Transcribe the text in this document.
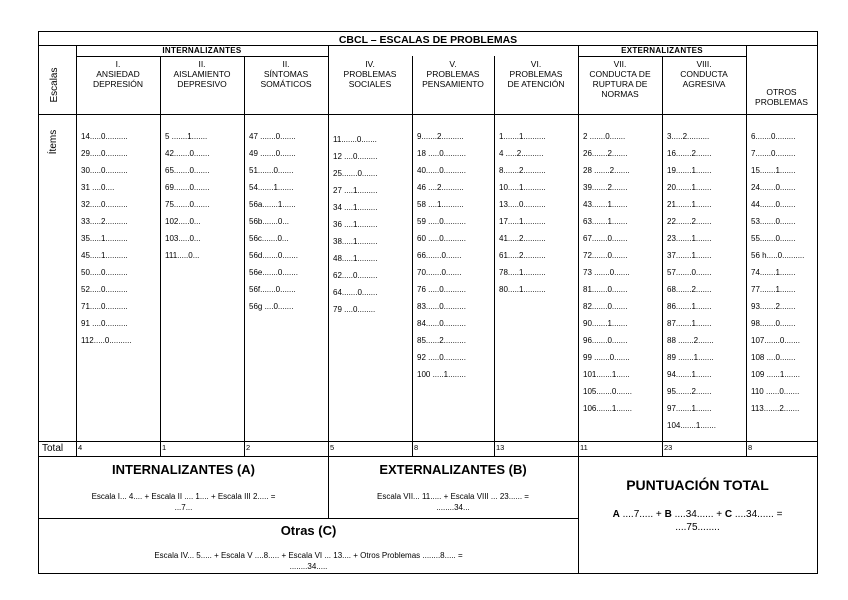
CBCL – ESCALAS DE PROBLEMAS
INTERNALIZANTES	EXTERNALIZANTES
Escalas
Ítems
Total
I.
ANSIEDAD
DEPRESIÓN
14.....0..........
29.....0..........
30.....0..........
31 ....0....
32.....0..........
33.....2..........
35.....1..........
45.....1..........
50.....0..........
52.....0..........
71.....0..........
91 ....0..........
112.....0..........
4
II.
AISLAMIENTO
DEPRESIVO
5 .......1.......
42.......0.......
65.......0.......
69.......0.......
75.......0.......
102.....0...
103.....0...
111.....0...
1
II.
SÍNTOMAS
SOMÁTICOS
47 .......0.......
49 .......0.......
51.......0.......
54.......1.......
56a.......1......
56b.......0...
56c.......0...
56d.......0.......
56e.......0.......
56f.......0.......
56g ....0.......
2
IV.
PROBLEMAS
SOCIALES
11.......0.......
12 ....0.........
25.......0.......
27 ....1.........
34 ....1.........
36 ....1.........
38.....1.........
48.....1.........
62.....0.........
64.......0.......
79 ....0........
5
V.
PROBLEMAS
PENSAMIENTO
9.......2..........
18 .....0..........
40......0..........
46 ....2..........
58 ....1..........
59 .....0..........
60 .....0..........
66.......0.......
70.......0.......
76 .....0..........
83......0..........
84......0..........
85......2..........
92 .....0..........
100 .....1........
8
VI.
PROBLEMAS
DE ATENCIÓN
1.......1..........
4 .....2..........
8.......2..........
10.....1..........
13.....0..........
17.....1..........
41.....2..........
61.....2..........
78.....1..........
80.....1..........
13
VII.
CONDUCTA DE
RUPTURA DE
NORMAS
2 .......0.......
26.......2.......
28 .......2.......
39.......2.......
43.......1.......
63.......1.......
67.......0.......
72.......0.......
73 .......0.......
81.......0.......
82.......0.......
90.......1.......
96.......0.......
99 .......0.......
101.......1......
105.......0.......
106.......1.......
11
VIII.
CONDUCTA
AGRESIVA
3.....2..........
16.......2.......
19.......1.......
20.......1.......
21.......1.......
22.......2.......
23.......1.......
37.......1.......
57.......0.......
68.......2.......
86.......1.......
87.......1.......
88 .......2.......
89 .......1.......
94.......1.......
95.......2.......
97.......1.......
104.......1.......
23
OTROS
PROBLEMAS
6.......0.........
7.......0.........
15.......1.......
24.......0.......
44.......0.......
53.......0.......
55.......0.......
56 h.....0..........
74.......1.......
77.......1.......
93.......2.......
98.......0.......
107.......0.......
108 ....0.......
109 ......1.......
110 ......0.......
113.......2.......
8
INTERNALIZANTES (A)
Escala I... 4.... + Escala II .... 1.... + Escala III 2..... =
...7...
EXTERNALIZANTES (B)
Escala VII... 11..... + Escala VIII ... 23...... =
........34...
Otras (C)
Escala IV... 5..... + Escala V ....8..... + Escala VI ... 13.... + Otros Problemas ........8..... =
........34.....
PUNTUACIÓN TOTAL
A ....7..... + B ....34...... + C ....34...... =
....75........
